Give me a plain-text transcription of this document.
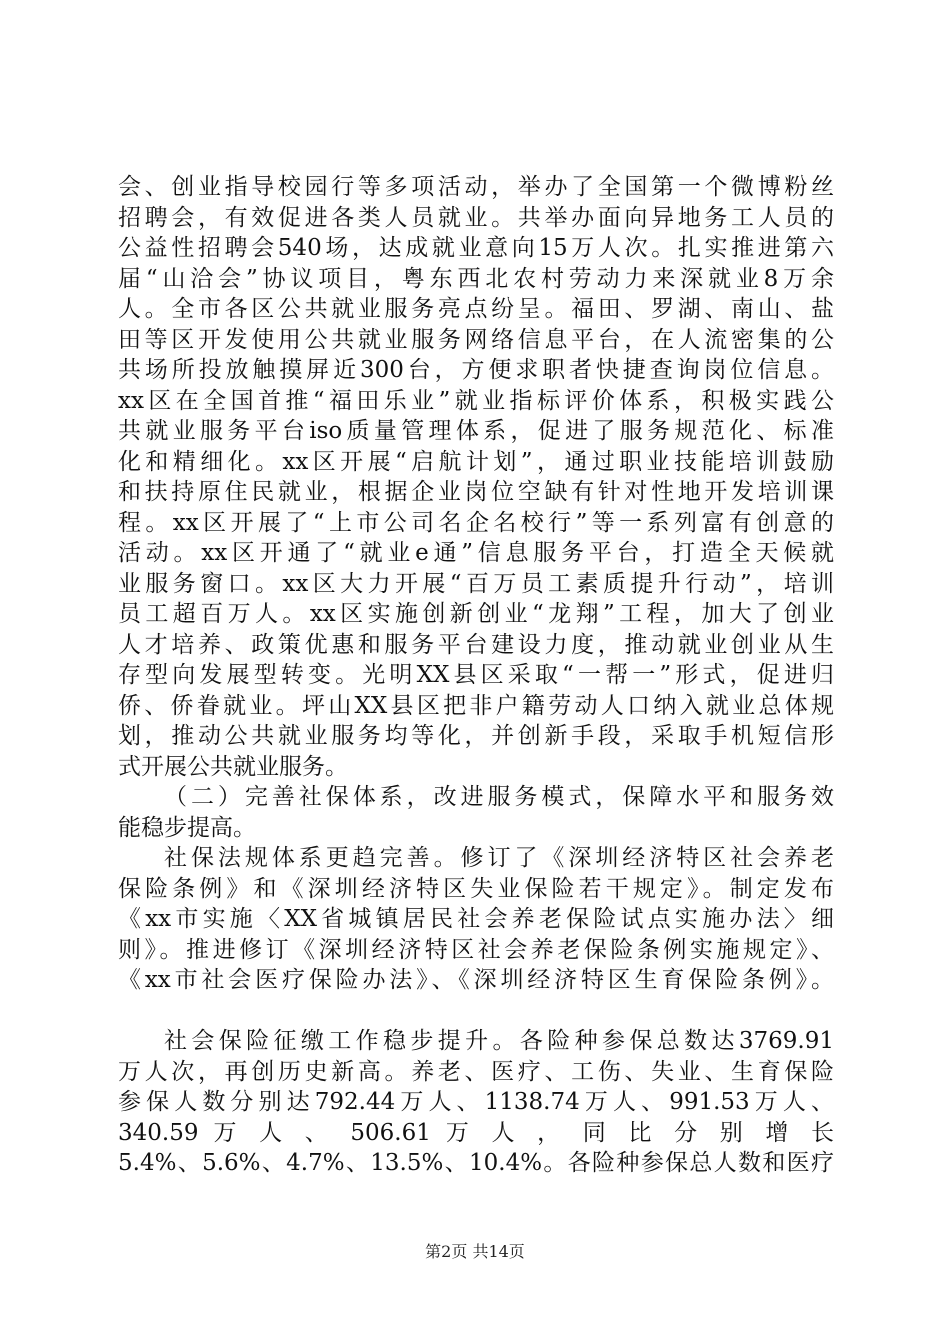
会、创业指导校园行等多项活动，举办了全国第一个微博粉丝
招聘会，有效促进各类人员就业。共举办面向异地务工人员的
公益性招聘会540场，达成就业意向15万人次。扎实推进第六
届“山洽会”协议项目，粤东西北农村劳动力来深就业8万余
人。全市各区公共就业服务亮点纷呈。福田、罗湖、南山、盐
田等区开发使用公共就业服务网络信息平台，在人流密集的公
共场所投放触摸屏近300台，方便求职者快捷查询岗位信息。
xx区在全国首推“福田乐业”就业指标评价体系，积极实践公
共就业服务平台iso质量管理体系，促进了服务规范化、标准
化和精细化。xx区开展“启航计划”，通过职业技能培训鼓励
和扶持原住民就业，根据企业岗位空缺有针对性地开发培训课
程。xx区开展了“上市公司名企名校行”等一系列富有创意的
活动。xx区开通了“就业e通”信息服务平台，打造全天候就
业服务窗口。xx区大力开展“百万员工素质提升行动”，培训
员工超百万人。xx区实施创新创业“龙翔”工程，加大了创业
人才培养、政策优惠和服务平台建设力度，推动就业创业从生
存型向发展型转变。光明XX县区采取“一帮一”形式，促进归
侨、侨眷就业。坪山XX县区把非户籍劳动人口纳入就业总体规
划，推动公共就业服务均等化，并创新手段，采取手机短信形
式开展公共就业服务。
（二）完善社保体系，改进服务模式，保障水平和服务效
能稳步提高。
社保法规体系更趋完善。修订了《深圳经济特区社会养老
保险条例》和《深圳经济特区失业保险若干规定》。制定发布
《xx市实施〈XX省城镇居民社会养老保险试点实施办法〉细
则》。推进修订《深圳经济特区社会养老保险条例实施规定》、
《xx市社会医疗保险办法》、《深圳经济特区生育保险条例》。
社会保险征缴工作稳步提升。各险种参保总数达3769.91
万人次，再创历史新高。养老、医疗、工伤、失业、生育保险
参保人数分别达792.44万人、1138.74万人、991.53万人、
340.59 万 人 、 506.61 万 人 ， 同 比 分 别 增 长
5.4%、5.6%、4.7%、13.5%、10.4%。各险种参保总人数和医疗
第2页 共14页
